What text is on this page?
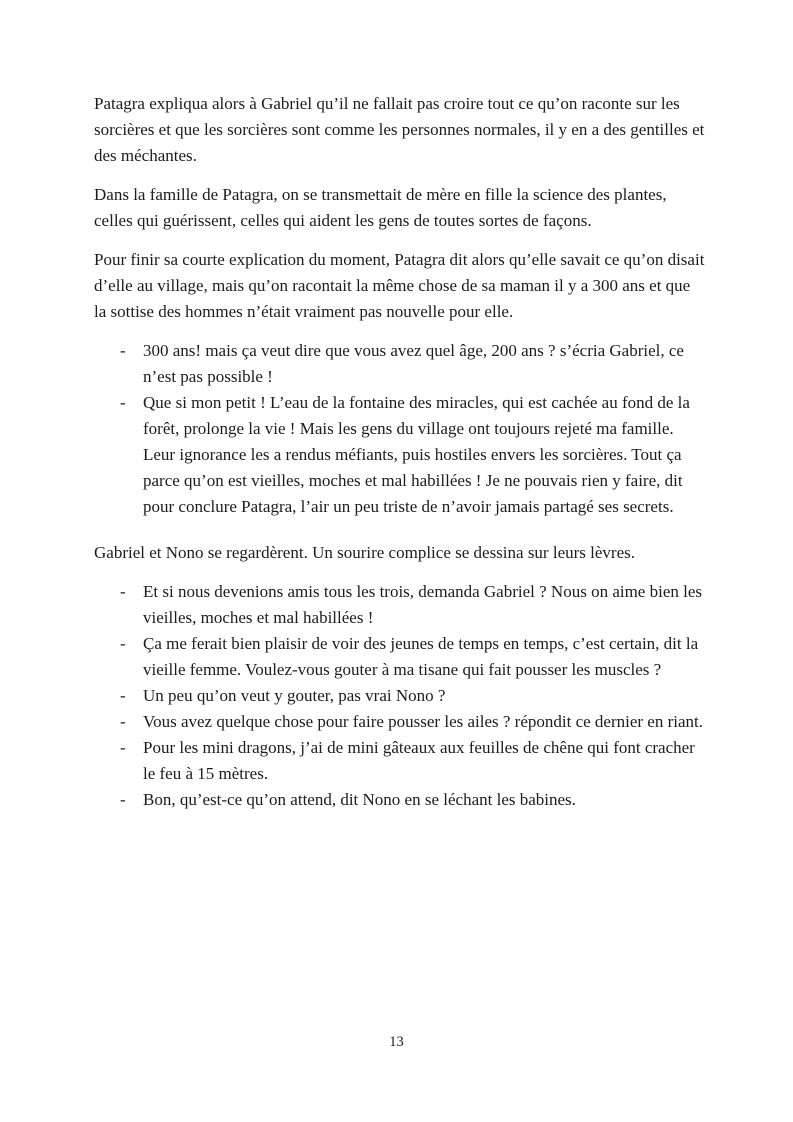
Patagra expliqua alors à Gabriel qu’il ne fallait pas croire tout ce qu’on raconte sur les sorcières et que les sorcières sont comme les personnes normales, il y en a des gentilles et des méchantes.

Dans la famille de Patagra, on se transmettait de mère en fille la science des plantes, celles qui guérissent, celles qui aident les gens de toutes sortes de façons.

Pour finir sa courte explication du moment, Patagra dit alors qu’elle savait ce qu’on disait d’elle au village, mais qu’on racontait la même chose de sa maman il y a 300 ans et que la sottise des hommes n’était vraiment pas nouvelle pour elle.

-	300 ans! mais ça veut dire que vous avez quel âge, 200 ans ? s’écria Gabriel, ce n’est pas possible !
-	Que si mon petit ! L’eau de la fontaine des miracles, qui est cachée au fond de la forêt, prolonge la vie ! Mais les gens du village ont toujours rejeté ma famille. Leur ignorance les a rendus méfiants, puis hostiles envers les sorcières. Tout ça parce qu’on est vieilles, moches et mal habillées ! Je ne pouvais rien y faire, dit pour conclure Patagra, l’air un peu triste de n’avoir jamais partagé ses secrets.

Gabriel et Nono se regardèrent. Un sourire complice se dessina sur leurs lèvres.

-	Et si nous devenions amis tous les trois, demanda Gabriel ? Nous on aime bien les vieilles, moches et mal habillées !
-	Ça me ferait bien plaisir de voir des jeunes de temps en temps, c’est certain, dit la vieille femme. Voulez-vous gouter à ma tisane qui fait pousser les muscles ?
-	Un peu qu’on veut y gouter, pas vrai Nono ?
-	Vous avez quelque chose pour faire pousser les ailes ? répondit ce dernier en riant.
-	Pour les mini dragons, j’ai de mini gâteaux aux feuilles de chêne qui font cracher le feu à 15 mètres.
-	Bon, qu’est-ce qu’on attend, dit Nono en se léchant les babines.
13
